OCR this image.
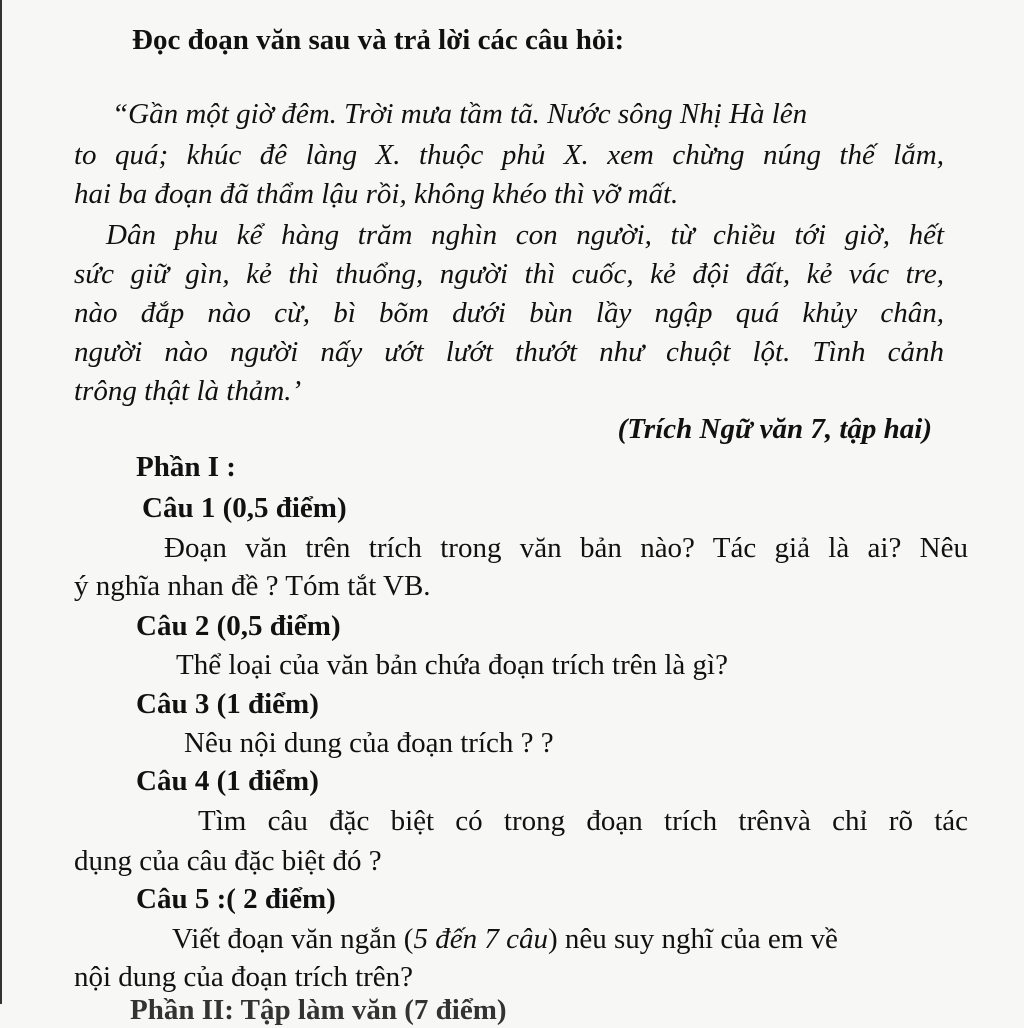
Đọc đoạn văn sau và trả lời các câu hỏi:
“Gần một giờ đêm. Trời mưa tầm tã. Nước sông Nhị Hà lên
to quá; khúc đê làng X. thuộc phủ X. xem chừng núng thế lắm,
hai ba đoạn đã thẩm lậu rồi, không khéo thì vỡ mất.
Dân phu kể hàng trăm nghìn con người, từ chiều tới giờ, hết
sức giữ gìn, kẻ thì thuổng, người thì cuốc, kẻ đội đất, kẻ vác tre,
nào đắp nào cừ, bì bõm dưới bùn lầy ngập quá khủy chân,
người nào người nấy ướt lướt thướt như chuột lột. Tình cảnh
trông thật là thảm.’
(Trích Ngữ văn 7, tập hai)
Phần I :
Câu 1 (0,5 điểm)
Đoạn văn trên trích trong văn bản nào? Tác giả là ai? Nêu
ý nghĩa nhan đề ? Tóm tắt VB.
Câu 2 (0,5 điểm)
Thể loại của văn bản chứa đoạn trích trên là gì?
Câu 3 (1 điểm)
Nêu nội dung của đoạn trích ? ?
Câu 4 (1 điểm)
Tìm câu đặc biệt có trong đoạn trích trênvà chỉ rõ tác
dụng của câu đặc biệt đó ?
Câu 5 :( 2 điểm)
Viết đoạn văn ngắn (5 đến 7 câu) nêu suy nghĩ của em về
nội dung của đoạn trích trên?
Phần II: Tập làm văn (7 điểm)
